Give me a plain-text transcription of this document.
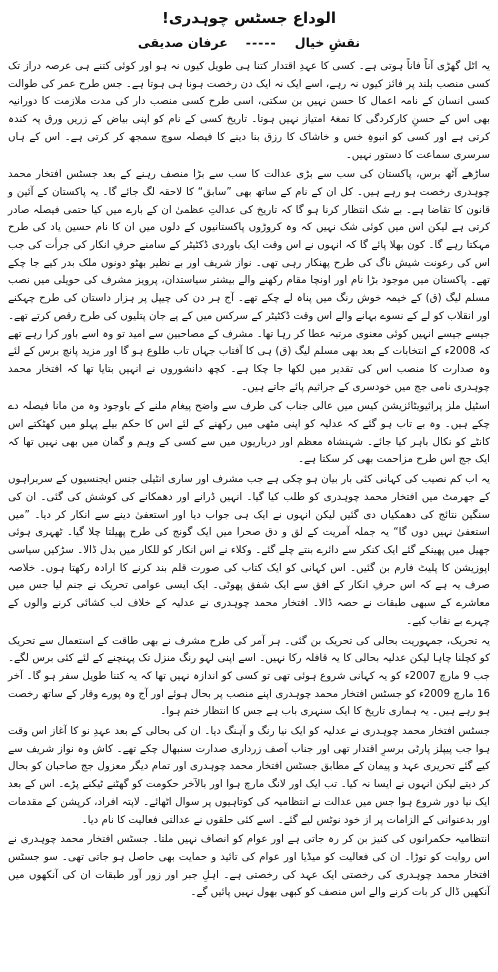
الوداع جسٹس چوہدری!
نقشِ خیال
-----
عرفان صدیقی

یہ اٹل گھڑی آناً فاناً ہوتی ہے۔ کسی کا عہدِ اقتدار کتنا ہی طویل کیوں نہ ہو اور کوئی کتنے ہی عرصہ دراز تک کسی منصب بلند پر فائز کیوں نہ رہے، اسے ایک نہ ایک دن رخصت ہونا ہی ہوتا ہے۔ جس طرح عمر کی طوالت کسی انسان کے نامہ اعمال کا حسن نہیں بن سکتی، اسی طرح کسی منصب دار کی مدت ملازمت کا دورانیہ بھی اس کے حسنِ کارکردگی کا تمغۂ امتیاز نہیں ہوتا۔ تاریخ کسی کے نام کو اپنی بیاض کے زریں ورق پہ کندہ کرتی ہے اور کسی کو انبوہِ خس و خاشاک کا رزق بنا دینے کا فیصلہ سوچ سمجھ کر کرتی ہے۔ اس کے ہاں سرسری سماعت کا دستور نہیں۔

ساڑھے آٹھ برس، پاکستان کی سب سے بڑی عدالت کا سب سے بڑا منصف رہنے کے بعد جسٹس افتخار محمد چوہدری رخصت ہو رہے ہیں۔ کل ان کے نام کے ساتھ بھی ”سابق“ کا لاحقہ لگ جائے گا۔ یہ پاکستان کے آئین و قانون کا تقاضا ہے۔ بے شک انتظار کرنا ہو گا کہ تاریخ کی عدالتِ عظمیٰ ان کے بارے میں کیا حتمی فیصلہ صادر کرتی ہے لیکن اس میں کوئی شک نہیں کہ وہ کروڑوں پاکستانیوں کے دلوں میں ان کا نام حسین یاد کی طرح مہکتا رہے گا۔ کون بھلا پائے گا کہ انہوں نے اس وقت ایک باوردی ڈکٹیٹر کے سامنے حرفِ انکار کی جرأت کی جب اس کی رعونت شیش ناگ کی طرح پھنکار رہی تھی۔ نواز شریف اور بے نظیر بھٹو دونوں ملک بدر کیے جا چکے تھے۔ پاکستان میں موجود بڑا نام اور اونچا مقام رکھنے والے بیشتر سیاستدان، پرویز مشرف کی حویلی میں نصب مسلم لیگ (ق) کے خیمہ خوش رنگ میں پناہ لے چکے تھے۔ آج ہر دن کی چیپل پر ہزار داستان کی طرح چہکنے اور انقلاب کو لے کے نسوے بہانے والے اس وقت ڈکٹیٹر کے سرکس میں کے پے جان پتلیوں کی طرح رقص کرتے تھے۔ جیسے جیسے انہیں کوئی معنوی مرتبہ عطا کر رہا تھا۔ مشرف کے مصاحبین سے امید تو وہ اسے باور کرا رہے تھے کہ 2008ء کے انتخابات کے بعد بھی مسلم لیگ (ق) ہی کا آفتاب جہاں تاب طلوع ہو گا اور مزید پانچ برس کے لئے وہ صدارت کا منصب اس کی تقدیر میں لکھا جا چکا ہے۔ کچھ دانشوروں نے انہیں بتایا تھا کہ افتخار محمد چوہدری نامی جج میں خودسری کے جراثیم پائے جاتے ہیں۔

اسٹیل ملز پرائیویٹائزیشن کیس میں عالی جناب کی طرف سے واضح پیغام ملنے کے باوجود وہ من مانا فیصلہ دے چکے ہیں۔ وہ بے تاب ہو گئے کہ عدلیہ کو اپنی مٹھی میں رکھنے کے لئے اس کا حکم بیلے پہلو میں کھٹکتے اس کانٹے کو نکال باہر کیا جائے۔ شہنشاہ معظم اور درباریوں میں سے کسی کے وہم و گمان میں بھی نہیں تھا کہ ایک جج اس طرح مزاحمت بھی کر سکتا ہے۔

یہ اب کم نصیب کی کہانی کئی بار بیان ہو چکی ہے جب مشرف اور ساری انٹیلی جنس ایجنسیوں کے سربراہوں کے جھرمٹ میں افتخار محمد چوہدری کو طلب کیا گیا۔ انہیں ڈرانے اور دھمکانے کی کوشش کی گئی۔ ان کی سنگین نتائج کی دھمکیاں دی گئیں لیکن انہوں نے ایک ہی جواب دیا اور استعفیٰ دینے سے انکار کر دیا۔ ”میں استعفیٰ نہیں دوں گا“ یہ جملہ آمریت کے لق و دق صحرا میں ایک گونج کی طرح پھیلتا چلا گیا۔ ٹھہری ہوئی جھیل میں پھینکے گئے ایک کنکر سے دائرے بنتے چلے گئے۔ وکلاء نے اس انکار کو للکار میں بدل ڈالا۔ سڑکیں سیاسی اپوزیشن کا پلیٹ فارم بن گئیں۔ اس کہانی کو ایک کتاب کی صورت قلم بند کرنے کا ارادہ رکھتا ہوں۔ خلاصہ صرف یہ ہے کہ اس حرفِ انکار کے افق سے ایک شفق پھوٹی۔ ایک ایسی عوامی تحریک نے جنم لیا جس میں معاشرے کے سبھی طبقات نے حصہ ڈالا۔ افتخار محمد چوہدری نے عدلیہ کے خلاف لب کشائی کرنے والوں کے چہرے بے نقاب کیے۔

یہ تحریک، جمہوریت بحالی کی تحریک بن گئی۔ ہر آمر کی طرح مشرف نے بھی طاقت کے استعمال سے تحریک کو کچلنا چاہا لیکن عدلیہ بحالی کا یہ قافلہ رکا نہیں۔ اسے اپنی لہو رنگ منزل تک پہنچنے کے لئے کئی برس لگے۔ جب 9 مارچ 2007ء کو یہ کہانی شروع ہوئی تھی تو کسی کو اندازہ نہیں تھا کہ یہ کتنا طویل سفر ہو گا۔ آخر 16 مارچ 2009ء کو جسٹس افتخار محمد چوہدری اپنے منصب پر بحال ہوئے اور آج وہ پورے وقار کے ساتھ رخصت ہو رہے ہیں۔ یہ ہماری تاریخ کا ایک سنہری باب ہے جس کا انتظار ختم ہوا۔

جسٹس افتخار محمد چوہدری نے عدلیہ کو ایک نیا رنگ و آہنگ دیا۔ ان کی بحالی کے بعد عہدِ نو کا آغاز اس وقت ہوا جب پیپلز پارٹی برسرِ اقتدار تھی اور جناب آصف زرداری صدارت سنبھال چکے تھے۔ کاش وہ نواز شریف سے کیے گئے تحریری عہد و پیمان کے مطابق جسٹس افتخار محمد چوہدری اور تمام دیگر معزول جج صاحبان کو بحال کر دیتے لیکن انہوں نے ایسا نہ کیا۔ تب ایک اور لانگ مارچ ہوا اور بالآخر حکومت کو گھٹنے ٹیکنے پڑے۔ اس کے بعد ایک نیا دور شروع ہوا جس میں عدالت نے انتظامیہ کی کوتاہیوں پر سوال اٹھائے۔ لاپتہ افراد، کرپشن کے مقدمات اور بدعنوانی کے الزامات پر از خود نوٹس لیے گئے۔ اسے کئی حلقوں نے عدالتی فعالیت کا نام دیا۔

انتظامیہ حکمرانوں کی کنیز بن کر رہ جاتی ہے اور عوام کو انصاف نہیں ملتا۔ جسٹس افتخار محمد چوہدری نے اس روایت کو توڑا۔ ان کی فعالیت کو میڈیا اور عوام کی تائید و حمایت بھی حاصل ہو جاتی تھی۔ سو جسٹس افتخار محمد چوہدری کی رخصتی ایک عہد کی رخصتی ہے۔ اہلِ جبر اور زور آور طبقات ان کی آنکھوں میں آنکھیں ڈال کر بات کرنے والے اس منصف کو کبھی بھول نہیں پائیں گے۔
